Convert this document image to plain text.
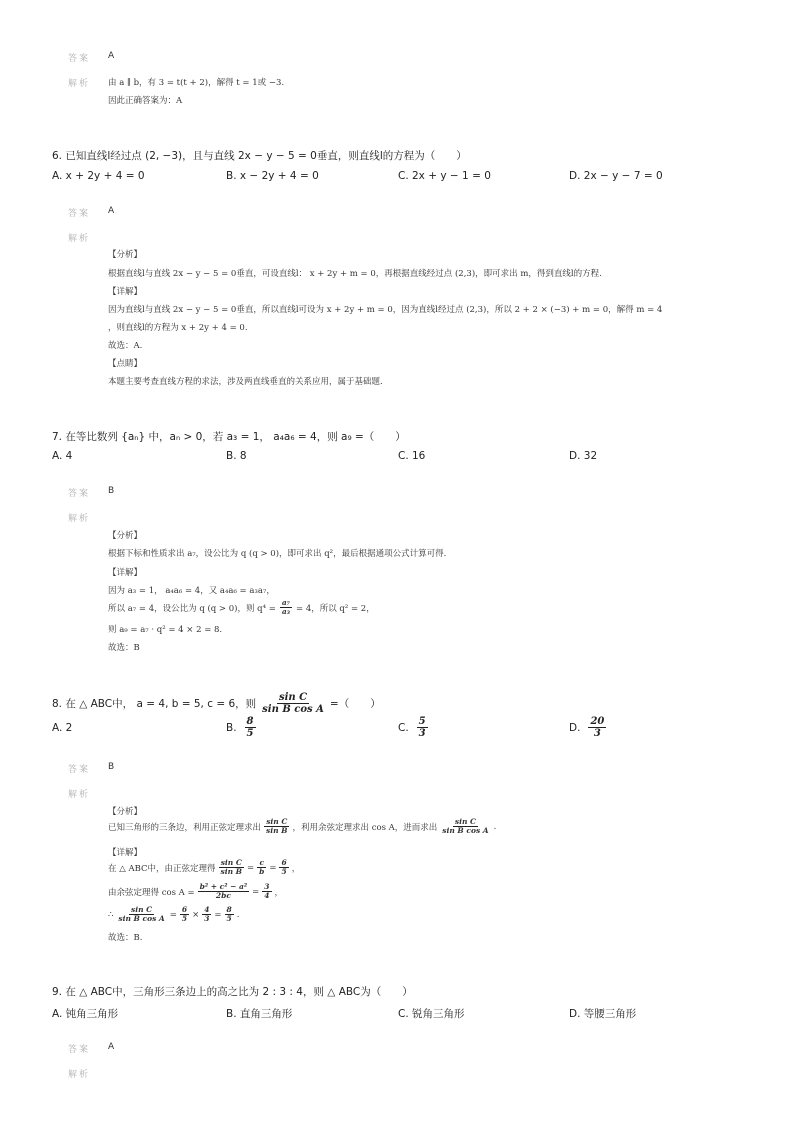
答案 A
解析 由 a ∥ b，有 3 = t(t + 2)，解得 t = 1或 −3.
因此正确答案为：A
6. 已知直线l经过点 (2, −3)，且与直线 2x − y − 5 = 0垂直，则直线l的方程为（　　）
A. x + 2y + 4 = 0	B. x − 2y + 4 = 0	C. 2x + y − 1 = 0	D. 2x − y − 7 = 0
答案 A
解析
【分析】
根据直线l与直线 2x − y − 5 = 0垂直，可设直线l： x + 2y + m = 0，再根据直线经过点 (2,3)，即可求出 m，得到直线l的方程.
【详解】
因为直线l与直线 2x − y − 5 = 0垂直，所以直线l可设为 x + 2y + m = 0，因为直线l经过点 (2,3)，所以 2 + 2 × (−3) + m = 0，解得 m = 4
，则直线l的方程为 x + 2y + 4 = 0.
故选：A.
【点睛】
本题主要考查直线方程的求法，涉及两直线垂直的关系应用，属于基础题.
7. 在等比数列 {aₙ} 中，aₙ > 0，若 a₃ = 1， a₄a₆ = 4，则 a₉ =（　　）
A. 4	B. 8	C. 16	D. 32
答案 B
解析
【分析】
根据下标和性质求出 a₇，设公比为 q (q > 0)，即可求出 q²，最后根据通项公式计算可得.
【详解】
因为 a₃ = 1， a₄a₆ = 4，又 a₄a₆ = a₃a₇，
所以 a₇ = 4，设公比为 q (q > 0)，则 $q^4 = \frac{\text{a₇}}{\text{a₃}} = 4$，所以 q² = 2，
则 a₉ = a₇ · q² = 4 × 2 = 8.
故选：B
8. 在 △ ABC中， a = 4, b = 5, c = 6，则 $\frac{\text{sin C}}{\text{sin B cos A}}$ =（　　）
A. 2	B. $\frac{8}{5}$	C. $\frac{5}{3}$	D. $\frac{20}{3}$
答案 B
解析
【分析】
已知三角形的三条边，利用正弦定理求出 $\frac{\text{sin C}}{\text{sin B}}$ ，利用余弦定理求出 cos A，进而求出 $\frac{\text{sin C}}{\text{sin B cos A}}$ .
【详解】
在 △ ABC中，由正弦定理得 $\frac{\text{sin C}}{\text{sin B}} = \frac{c}{b} = \frac{6}{5}$ ，
由余弦定理得 $\cos A = \frac{\text{b² + c² − a²}}{2bc} = \frac{3}{4}$ ，
∴ $\frac{\text{sin C}}{\text{sin B cos A}} = \frac{6}{5} \times \frac{4}{3} = \frac{8}{5}$ .
故选：B.
9. 在 △ ABC中，三角形三条边上的高之比为 2 : 3 : 4，则 △ ABC为（　　）
A. 钝角三角形	B. 直角三角形	C. 锐角三角形	D. 等腰三角形
答案 A
解析
